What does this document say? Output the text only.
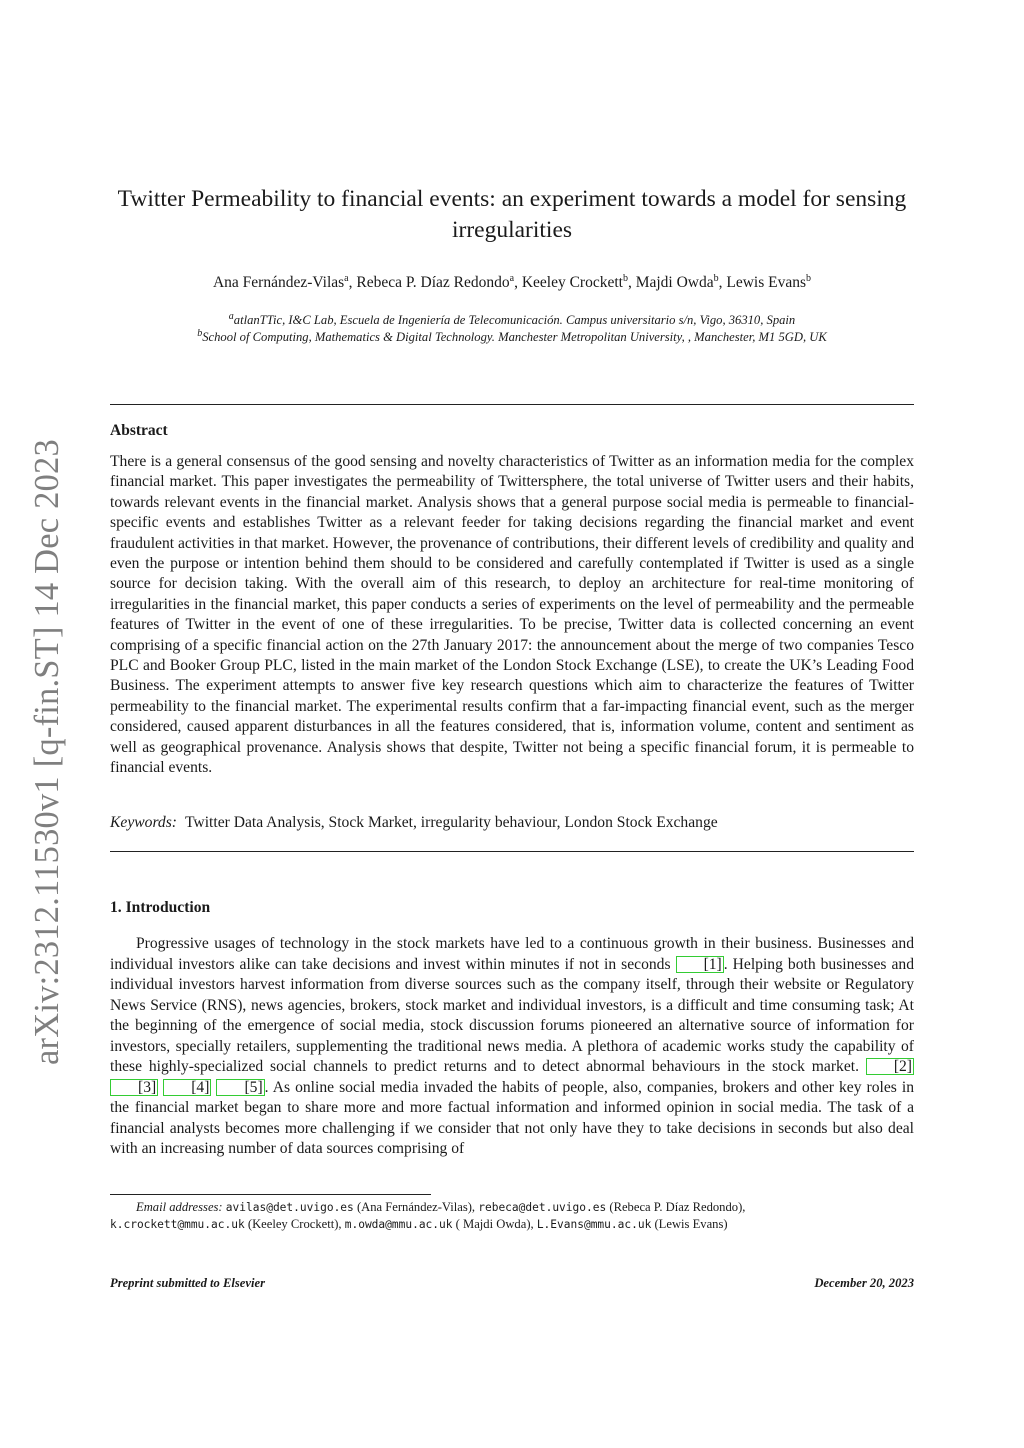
arXiv:2312.11530v1 [q-fin.ST] 14 Dec 2023
Twitter Permeability to financial events: an experiment towards a model for sensing irregularities
Ana Fernández-Vilas$^a$, Rebeca P. Díaz Redondo$^a$, Keeley Crockett$^b$, Majdi Owda$^b$, Lewis Evans$^b$
$^a$atlanTTic, I&C Lab, Escuela de Ingeniería de Telecomunicación. Campus universitario s/n, Vigo, 36310, Spain
$^b$School of Computing, Mathematics & Digital Technology. Manchester Metropolitan University, , Manchester, M1 5GD, UK
Abstract

There is a general consensus of the good sensing and novelty characteristics of Twitter as an information media for the complex financial market. This paper investigates the permeability of Twittersphere, the total universe of Twitter users and their habits, towards relevant events in the financial market. Analysis shows that a general purpose social media is permeable to financial-specific events and establishes Twitter as a relevant feeder for taking decisions regarding the financial market and event fraudulent activities in that market. However, the provenance of contributions, their different levels of credibility and quality and even the purpose or intention behind them should to be considered and carefully contemplated if Twitter is used as a single source for decision taking. With the overall aim of this research, to deploy an architecture for real-time monitoring of irregularities in the financial market, this paper conducts a series of experiments on the level of permeability and the permeable features of Twitter in the event of one of these irregularities. To be precise, Twitter data is collected concerning an event comprising of a specific financial action on the 27th January 2017: the announcement about the merge of two companies Tesco PLC and Booker Group PLC, listed in the main market of the London Stock Exchange (LSE), to create the UK’s Leading Food Business. The experiment attempts to answer five key research questions which aim to characterize the features of Twitter permeability to the financial market. The experimental results confirm that a far-impacting financial event, such as the merger considered, caused apparent disturbances in all the features considered, that is, information volume, content and sentiment as well as geographical provenance. Analysis shows that despite, Twitter not being a specific financial forum, it is permeable to financial events.

Keywords: Twitter Data Analysis, Stock Market, irregularity behaviour, London Stock Exchange
1. Introduction

Progressive usages of technology in the stock markets have led to a continuous growth in their business. Businesses and individual investors alike can take decisions and invest within minutes if not in seconds [1] . Helping both businesses and individual investors harvest information from diverse sources such as the company itself, through their website or Regulatory News Service (RNS), news agencies, brokers, stock market and individual investors, is a difficult and time consuming task; At the beginning of the emergence of social media, stock discussion forums pioneered an alternative source of information for investors, specially retailers, supplementing the traditional news media. A plethora of academic works study the capability of these highly-specialized social channels to predict returns and to detect abnormal behaviours in the stock market. [2] [3] [4] [5] . As online social media invaded the habits of people, also, companies, brokers and other key roles in the financial market began to share more and more factual information and informed opinion in social media. The task of a financial analysts becomes more challenging if we consider that not only have they to take decisions in seconds but also deal with an increasing number of data sources comprising of

Email addresses: avilas@det.uvigo.es (Ana Fernández-Vilas), rebeca@det.uvigo.es (Rebeca P. Díaz Redondo),
k.crockett@mmu.ac.uk (Keeley Crockett), m.owda@mmu.ac.uk ( Majdi Owda), L.Evans@mmu.ac.uk (Lewis Evans)
Preprint submitted to Elsevier	December 20, 2023
